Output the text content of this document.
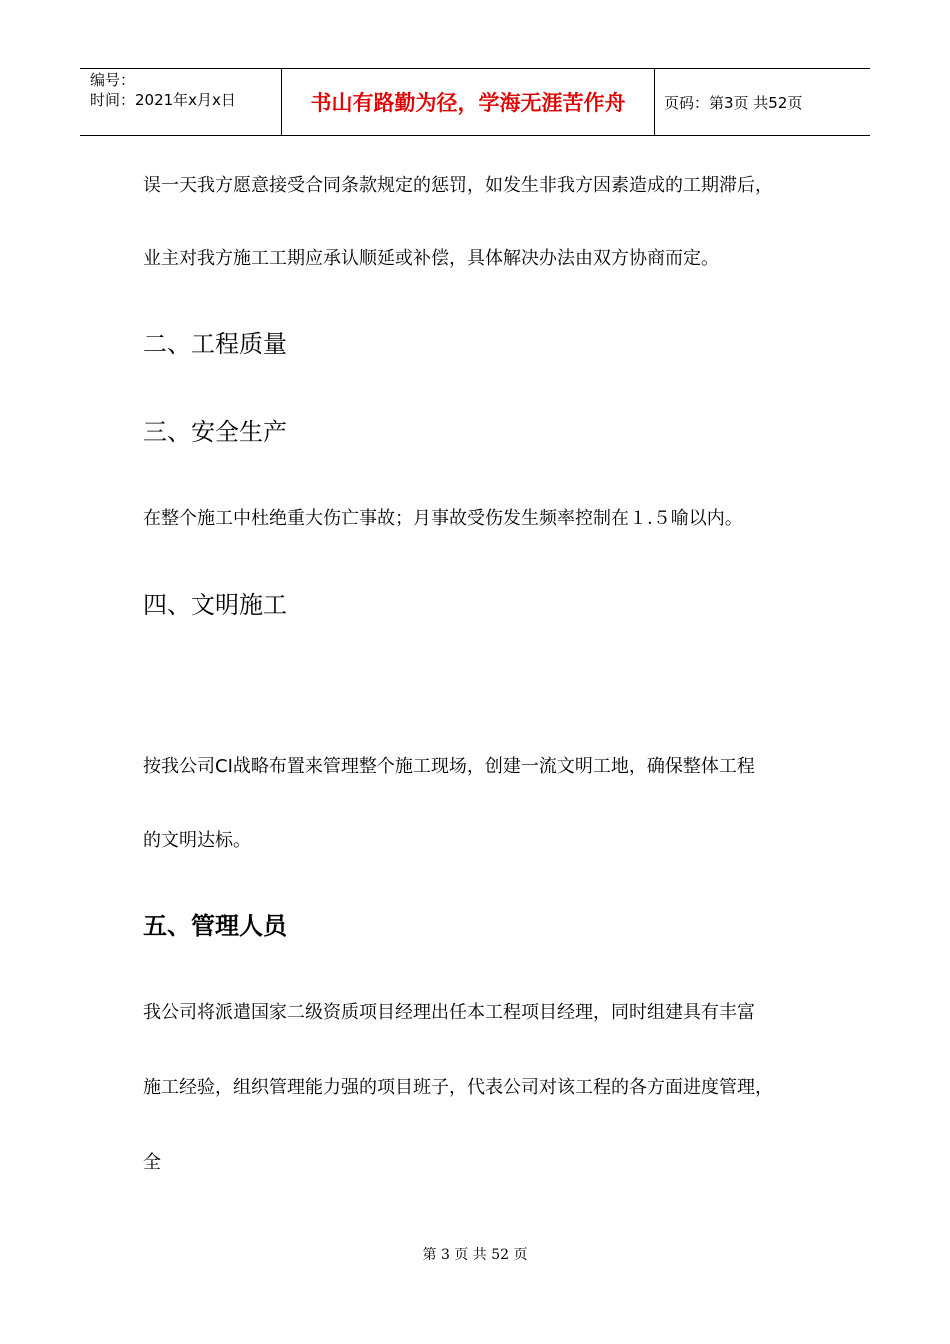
编号：
时间：2021年x月x日	书山有路勤为径，学海无涯苦作舟	页码：第3页 共52页
误一天我方愿意接受合同条款规定的惩罚，如发生非我方因素造成的工期滞后，
业主对我方施工工期应承认顺延或补偿，具体解决办法由双方协商而定。
二、工程质量
三、安全生产
在整个施工中杜绝重大伤亡事故；月事故受伤发生频率控制在１.５喻以内。
四、文明施工
按我公司CI战略布置来管理整个施工现场，创建一流文明工地，确保整体工程
的文明达标。
五、管理人员
我公司将派遣国家二级资质项目经理出任本工程项目经理，同时组建具有丰富
施工经验，组织管理能力强的项目班子，代表公司对该工程的各方面进度管理，
全
第 3 页 共 52 页
